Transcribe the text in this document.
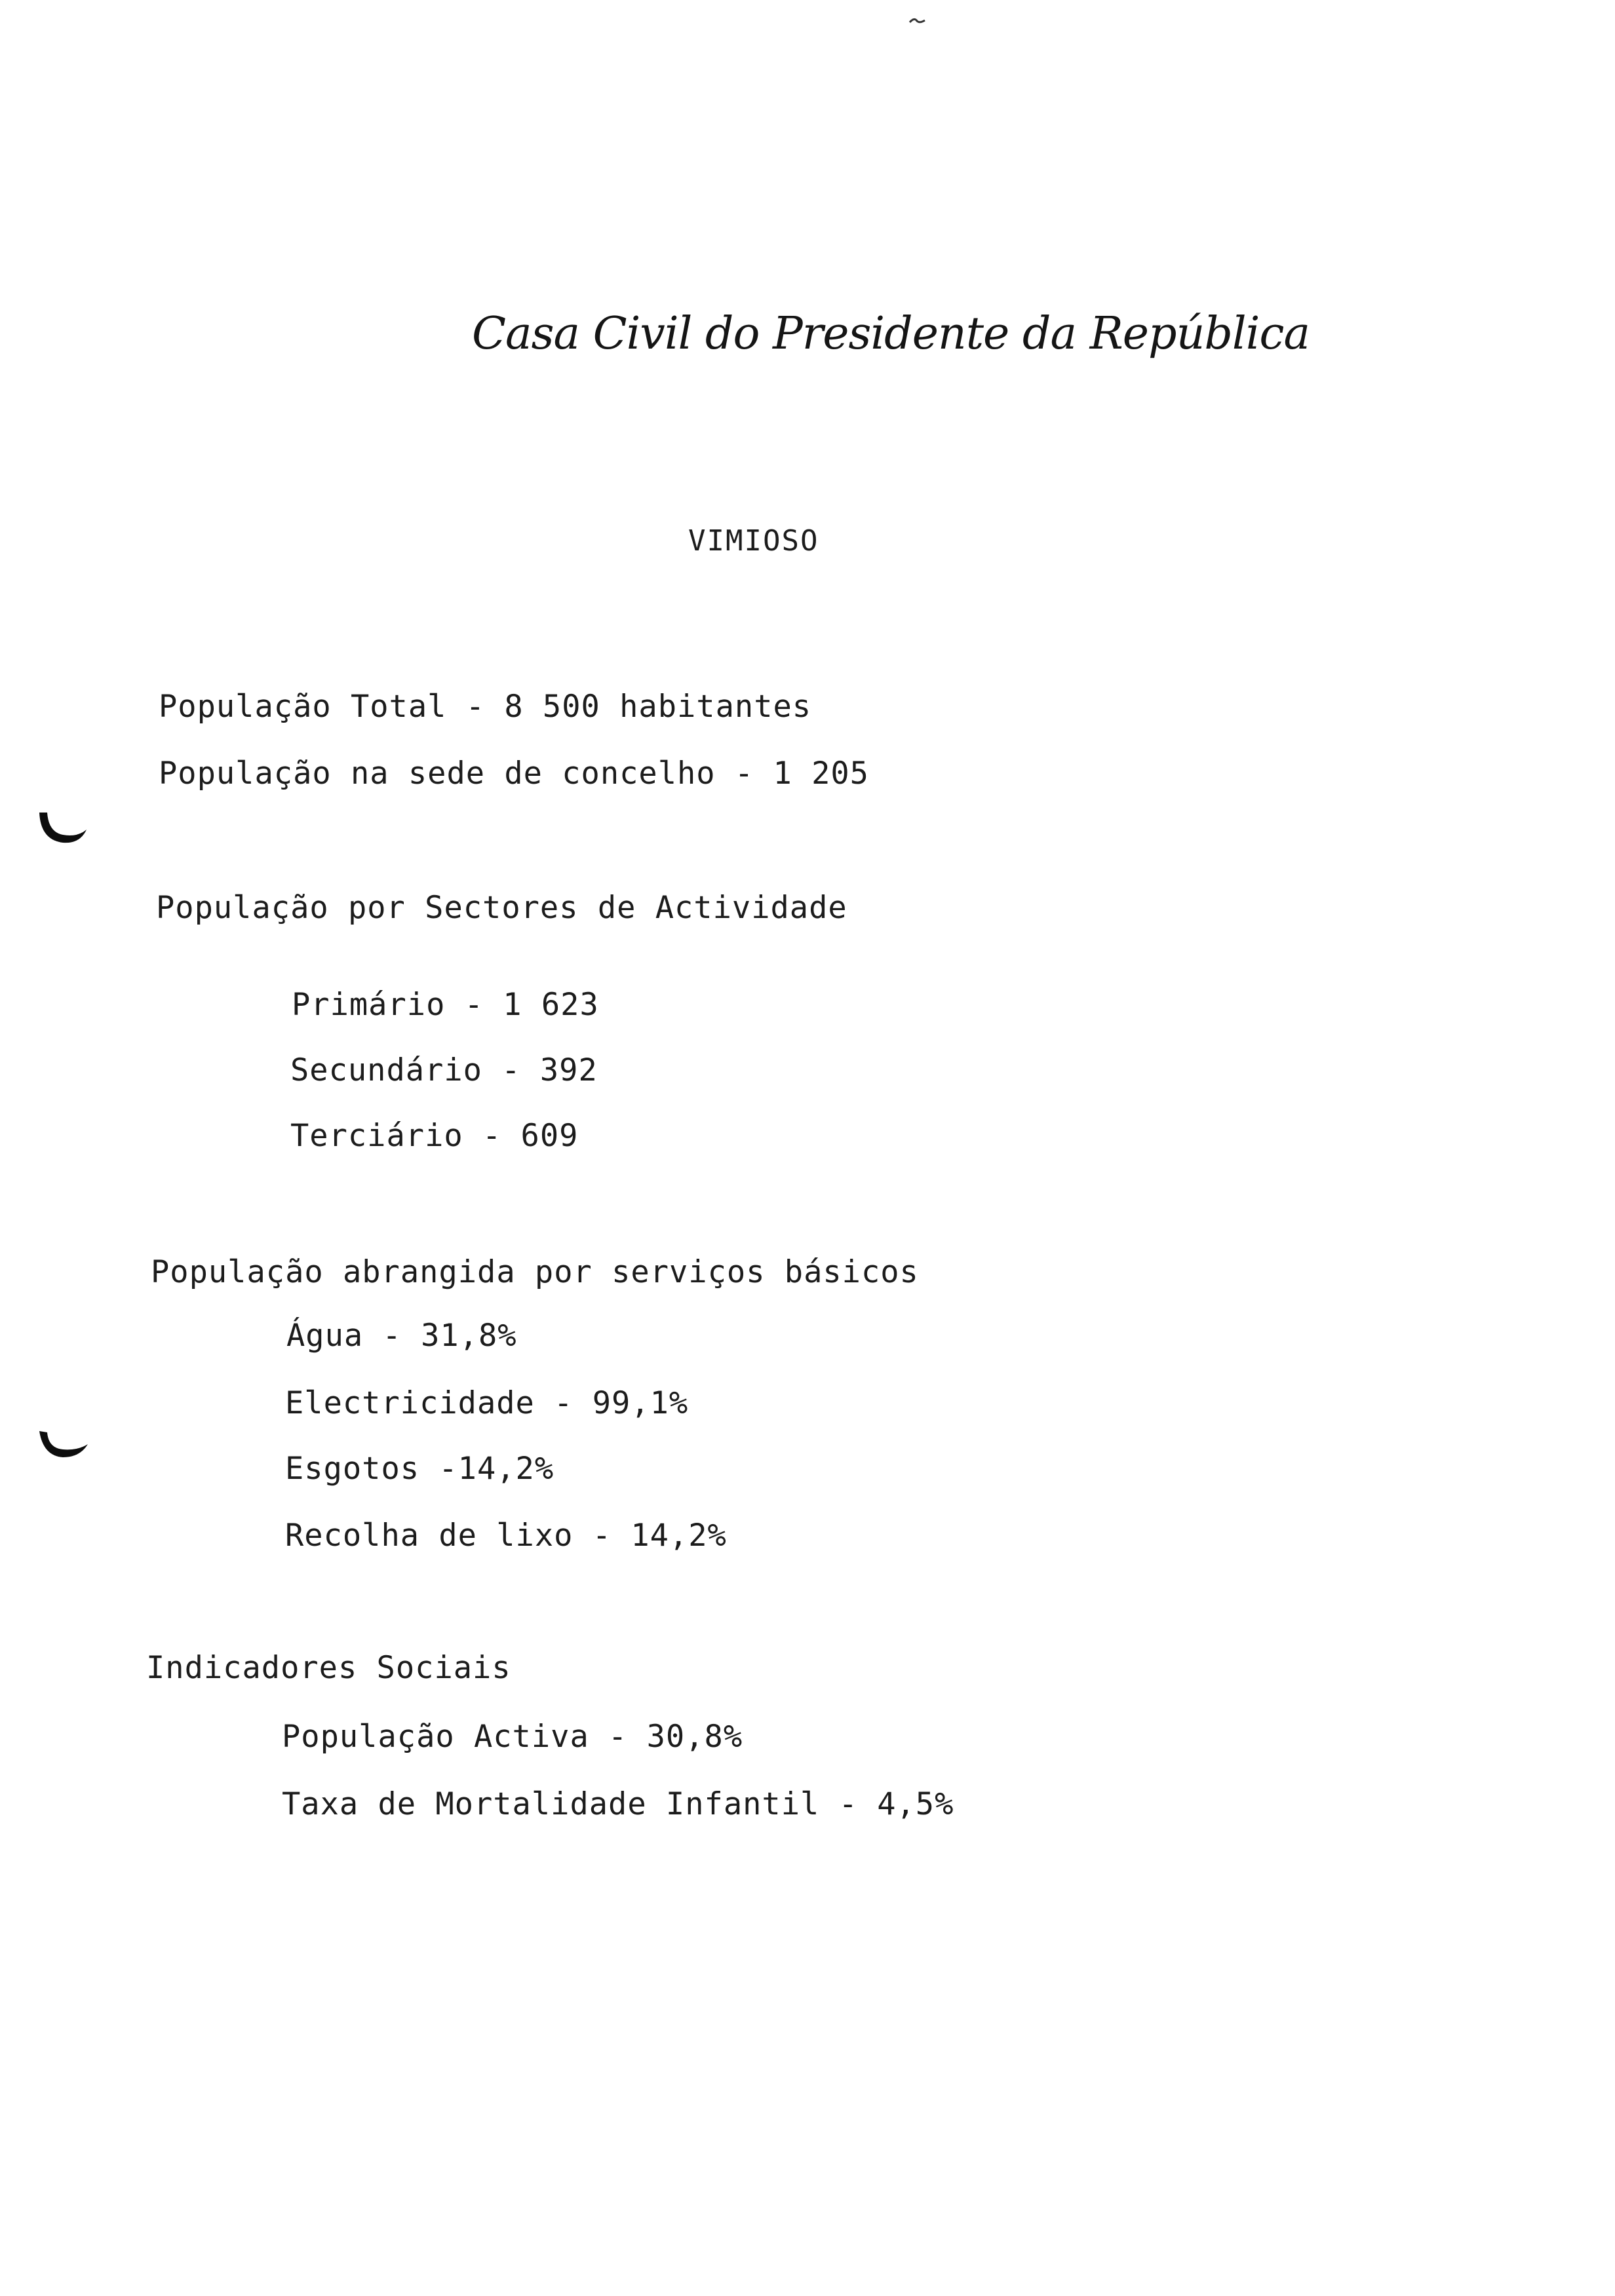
Casa Civil do Presidente da República
VIMIOSO
População Total - 8 500 habitantes
População na sede de concelho - 1 205
População por Sectores de Actividade
Primário - 1 623
Secundário - 392
Terciário - 609
População abrangida por serviços básicos
Água - 31,8%
Electricidade - 99,1%
Esgotos -14,2%
Recolha de lixo - 14,2%
Indicadores Sociais
População Activa - 30,8%
Taxa de Mortalidade Infantil - 4,5%
